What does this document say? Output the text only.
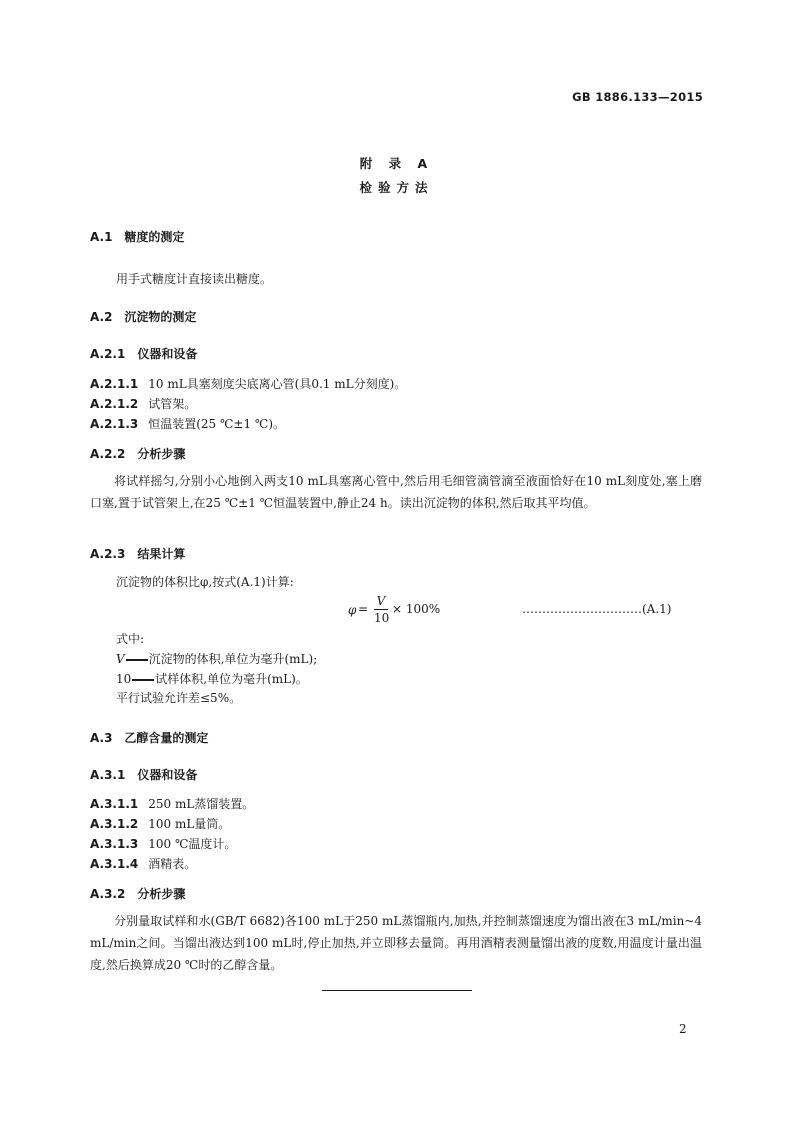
GB 1886.133—2015
附 录 A
检验方法
A.1 糖度的测定
用手式糖度计直接读出糖度。
A.2 沉淀物的测定
A.2.1 仪器和设备
A.2.1.1 10 mL具塞刻度尖底离心管(具0.1 mL分刻度)。
A.2.1.2 试管架。
A.2.1.3 恒温装置(25 ℃±1 ℃)。
A.2.2 分析步骤
将试样摇匀,分别小心地倒入两支10 mL具塞离心管中,然后用毛细管滴管滴至液面恰好在10 mL刻度处,塞上磨口塞,置于试管架上,在25 ℃±1 ℃恒温装置中,静止24 h。读出沉淀物的体积,然后取其平均值。
A.2.3 结果计算
沉淀物的体积比φ,按式(A.1)计算:
φ =
V
10
× 100%	…………………………(A.1)
式中:
V 沉淀物的体积,单位为毫升(mL);
10 试样体积,单位为毫升(mL)。
平行试验允许差≤5%。
A.3 乙醇含量的测定
A.3.1 仪器和设备
A.3.1.1 250 mL蒸馏装置。
A.3.1.2 100 mL量筒。
A.3.1.3 100 ℃温度计。
A.3.1.4 酒精表。
A.3.2 分析步骤
分别量取试样和水(GB/T 6682)各100 mL于250 mL蒸馏瓶内,加热,并控制蒸馏速度为馏出液在3 mL/min~4 mL/min之间。当馏出液达到100 mL时,停止加热,并立即移去量筒。再用酒精表测量馏出液的度数,用温度计量出温度,然后换算成20 ℃时的乙醇含量。
2
